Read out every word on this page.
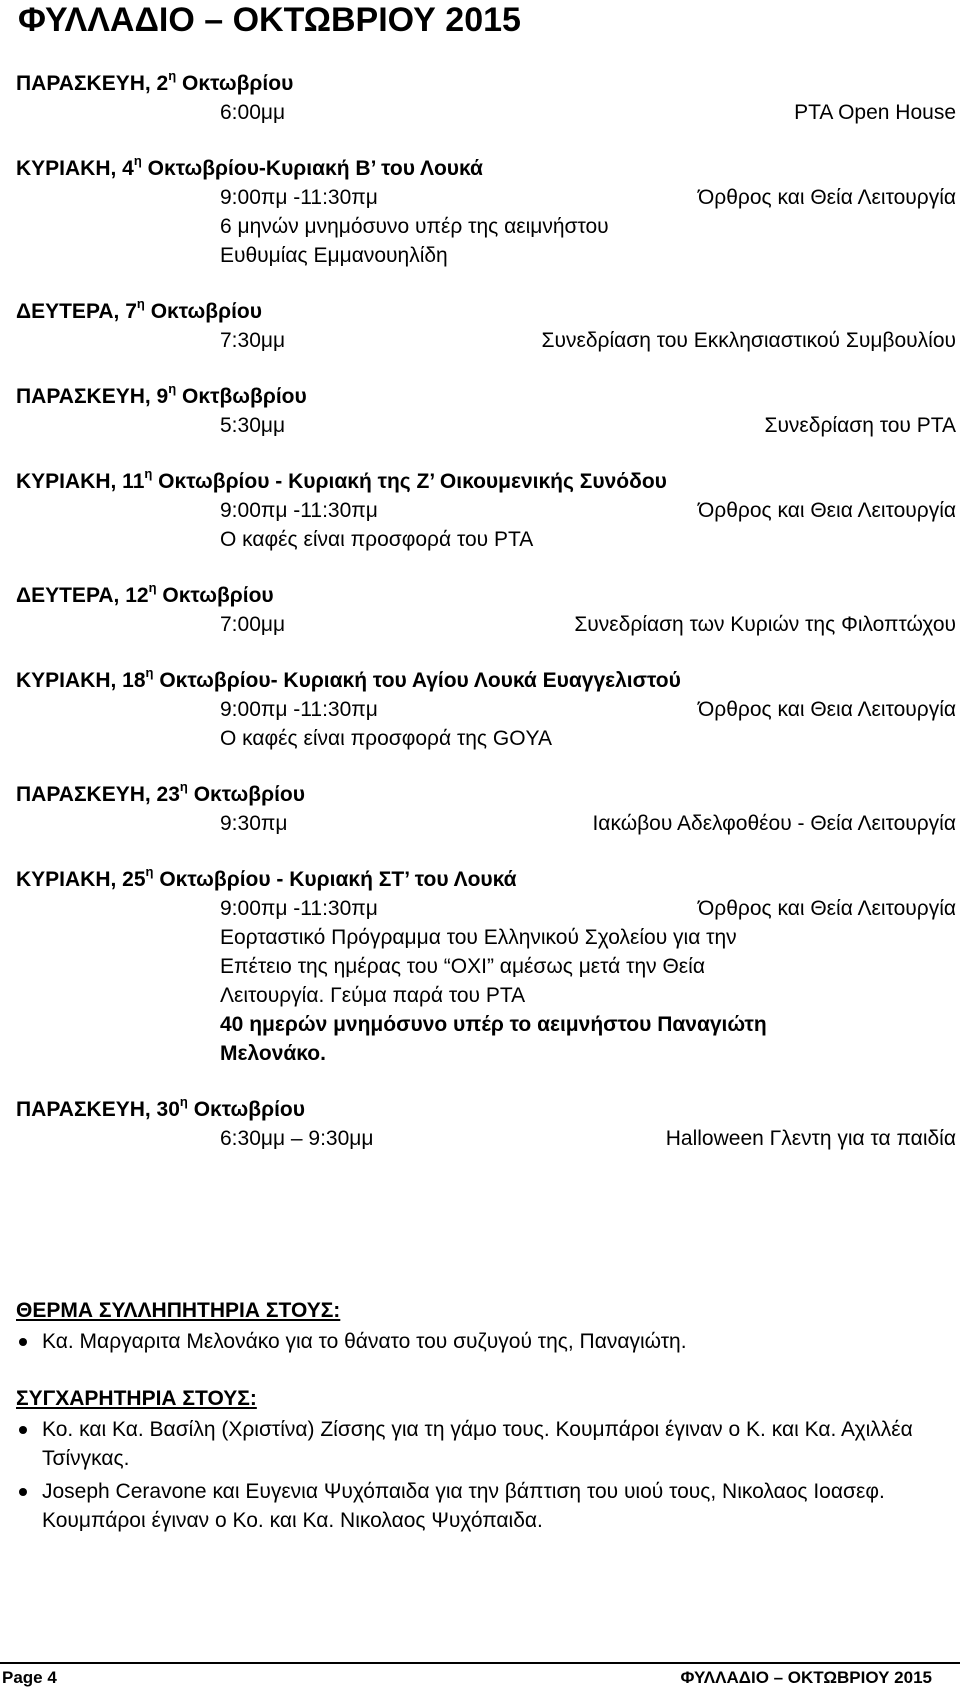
ΦΥΛΛΑΔΙΟ – ΟΚΤΩΒΡΙΟΥ 2015
ΠΑΡΑΣΚΕΥΗ, $2^\eta$ Οκτωβρίου
6:00μμ	PTA Open House
ΚΥΡΙΑΚΗ, $4^\eta$ Οκτωβρίου-Κυριακή Β’ του Λουκά
9:00πμ -11:30πμ	Όρθρος και Θεία Λειτουργία
6 μηνών μνημόσυνο υπέρ της αειμνήστου
Ευθυμίας Εμμανουηλίδη
ΔΕΥΤΕΡΑ, $7^\eta$ Οκτωβρίου
7:30μμ	Συνεδρίαση του Εκκλησιαστικού Συμβουλίου
ΠΑΡΑΣΚΕΥΗ, $9^\eta$ Οκτβωβρίου
5:30μμ	Συνεδρίαση του PTA
ΚΥΡΙΑΚΗ, $11^\eta$ Οκτωβρίου - Κυριακή της Ζ’ Οικουμενικής Συνόδου
9:00πμ -11:30πμ	Όρθρος και Θεια Λειτουργία
Ο καφές είναι προσφορά του PTA
ΔΕΥΤΕΡΑ, $12^\eta$ Οκτωβρίου
7:00μμ	Συνεδρίαση των Κυριών της Φιλοπτώχου
ΚΥΡΙΑΚΗ, $18^\eta$ Οκτωβρίου- Κυριακή του Αγίου Λουκά Ευαγγελιστού
9:00πμ -11:30πμ	Όρθρος και Θεια Λειτουργία
Ο καφές είναι προσφορά της GOYA
ΠΑΡΑΣΚΕΥΗ, $23^\eta$ Οκτωβρίου
9:30πμ	Ιακώβου Αδελφοθέου - Θεία Λειτουργία
ΚΥΡΙΑΚΗ, $25^\eta$ Οκτωβρίου - Κυριακή ΣΤ’ του Λουκά
9:00πμ -11:30πμ	Όρθρος και Θεία Λειτουργία
Εορταστικό Πρόγραμμα του Ελληνικού Σχολείου για την
Επέτειο της ημέρας του “ΟΧΙ” αμέσως μετά την Θεία
Λειτουργία. Γεύμα παρά του PTA
40 ημερών μνημόσυνο υπέρ το αειμνήστου Παναγιώτη
Μελονάκο.
ΠΑΡΑΣΚΕΥΗ, $30^\eta$ Οκτωβρίου
6:30μμ – 9:30μμ	Halloween Γλεντη για τα παιδία

ΘΕΡΜΑ ΣΥΛΛΗΠΗΤΗΡΙΑ ΣΤΟΥΣ:

Κα. Μαργαριτα Μελονάκο για το θάνατο του συζυγού της, Παναγιώτη.

ΣΥΓΧΑΡΗΤΗΡΙΑ ΣΤΟΥΣ:

Κο. και Κα. Βασίλη (Χριστίνα) Ζίσσης για τη γάμο τους. Κουμπάροι έγιναν ο Κ. και Κα. Αχιλλέα Τσίνγκας.
Joseph Ceravone και Ευγενια Ψυχόπαιδα για την βάπτιση του υιού τους, Νικολαος Ιοασεφ. Κουμπάροι έγιναν ο Κο. και Κα. Νικολαος Ψυχόπαιδα.
Page 4	ΦΥΛΛΑΔΙΟ – ΟΚΤΩΒΡΙΟΥ 2015
